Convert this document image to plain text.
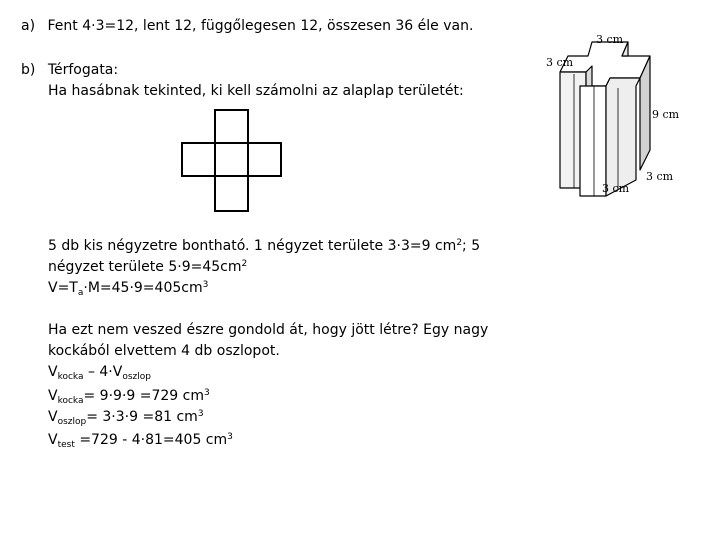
a) Fent 4·3=12, lent 12, függőlegesen 12, összesen 36 éle van.
b) Térfogata:
Ha hasábnak tekinted, ki kell számolni az alaplap területét:
5 db kis négyzetre bontható. 1 négyzet területe 3·3=9 $cm^2$; 5
négyzet területe $5\cdot 9=45cm^2$
$V=T_a\cdot M=45\cdot 9=405cm^3$
Ha ezt nem veszed észre gondold át, hogy jött létre? Egy nagy
kockából elvettem 4 db oszlopot.
$V_{kocka} - 4\cdot V_{oszlop}$
$V_{kocka}= 9\cdot 9\cdot 9 =729$ $cm^3$
$V_{oszlop}= 3\cdot 3\cdot 9 =81$ $cm^3$
$V_{test} =729 - 4\cdot 81=405$ $cm^3$
3 cm
3 cm
9 cm
3 cm
3 cm
